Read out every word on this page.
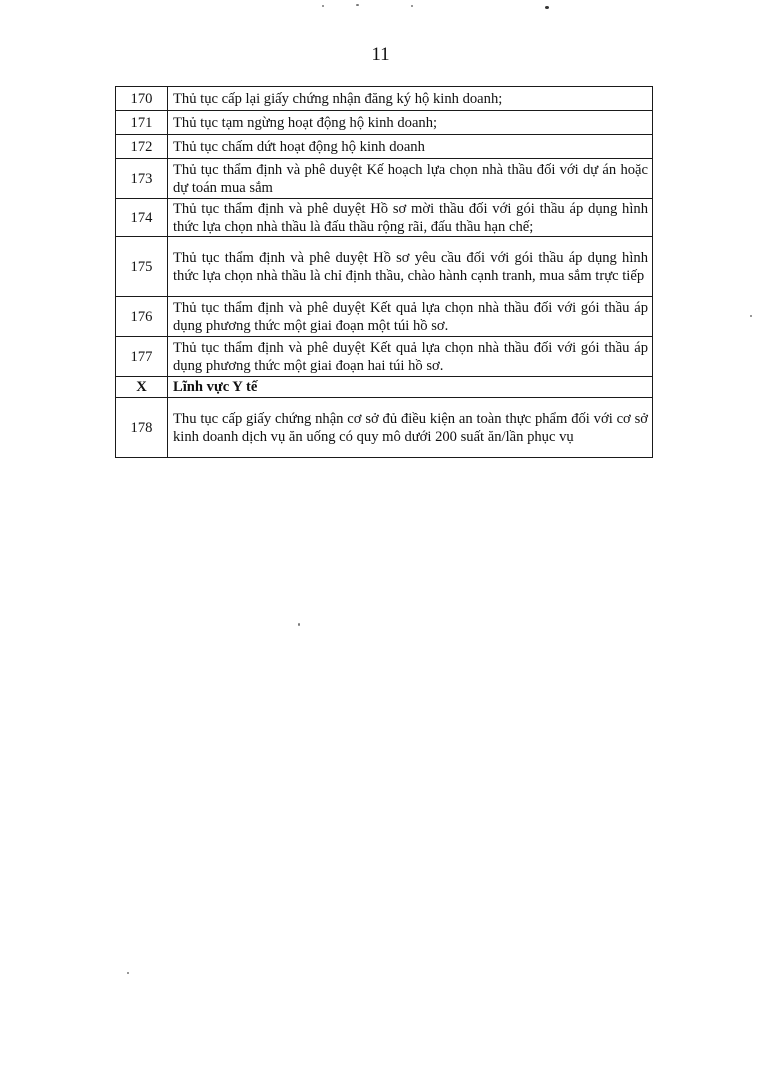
11
170	Thủ tục cấp lại giấy chứng nhận đăng ký hộ kinh doanh;
171	Thủ tục tạm ngừng hoạt động hộ kinh doanh;
172	Thủ tục chấm dứt hoạt động hộ kinh doanh
173	Thủ tục thẩm định và phê duyệt Kế hoạch lựa chọn nhà thầu đối với dự án hoặc dự toán mua sắm
174	Thủ tục thẩm định và phê duyệt Hồ sơ mời thầu đối với gói thầu áp dụng hình thức lựa chọn nhà thầu là đấu thầu rộng rãi, đấu thầu hạn chế;
175	Thủ tục thẩm định và phê duyệt Hồ sơ yêu cầu đối với gói thầu áp dụng hình thức lựa chọn nhà thầu là chỉ định thầu, chào hành cạnh tranh, mua sắm trực tiếp
176	Thủ tục thẩm định và phê duyệt Kết quả lựa chọn nhà thầu đối với gói thầu áp dụng phương thức một giai đoạn một túi hồ sơ.
177	Thủ tục thẩm định và phê duyệt Kết quả lựa chọn nhà thầu đối với gói thầu áp dụng phương thức một giai đoạn hai túi hồ sơ.
X	Lĩnh vực Y tế
178	Thu tục cấp giấy chứng nhận cơ sở đủ điều kiện an toàn thực phẩm đối với cơ sở kinh doanh dịch vụ ăn uống có quy mô dưới 200 suất ăn/lần phục vụ
